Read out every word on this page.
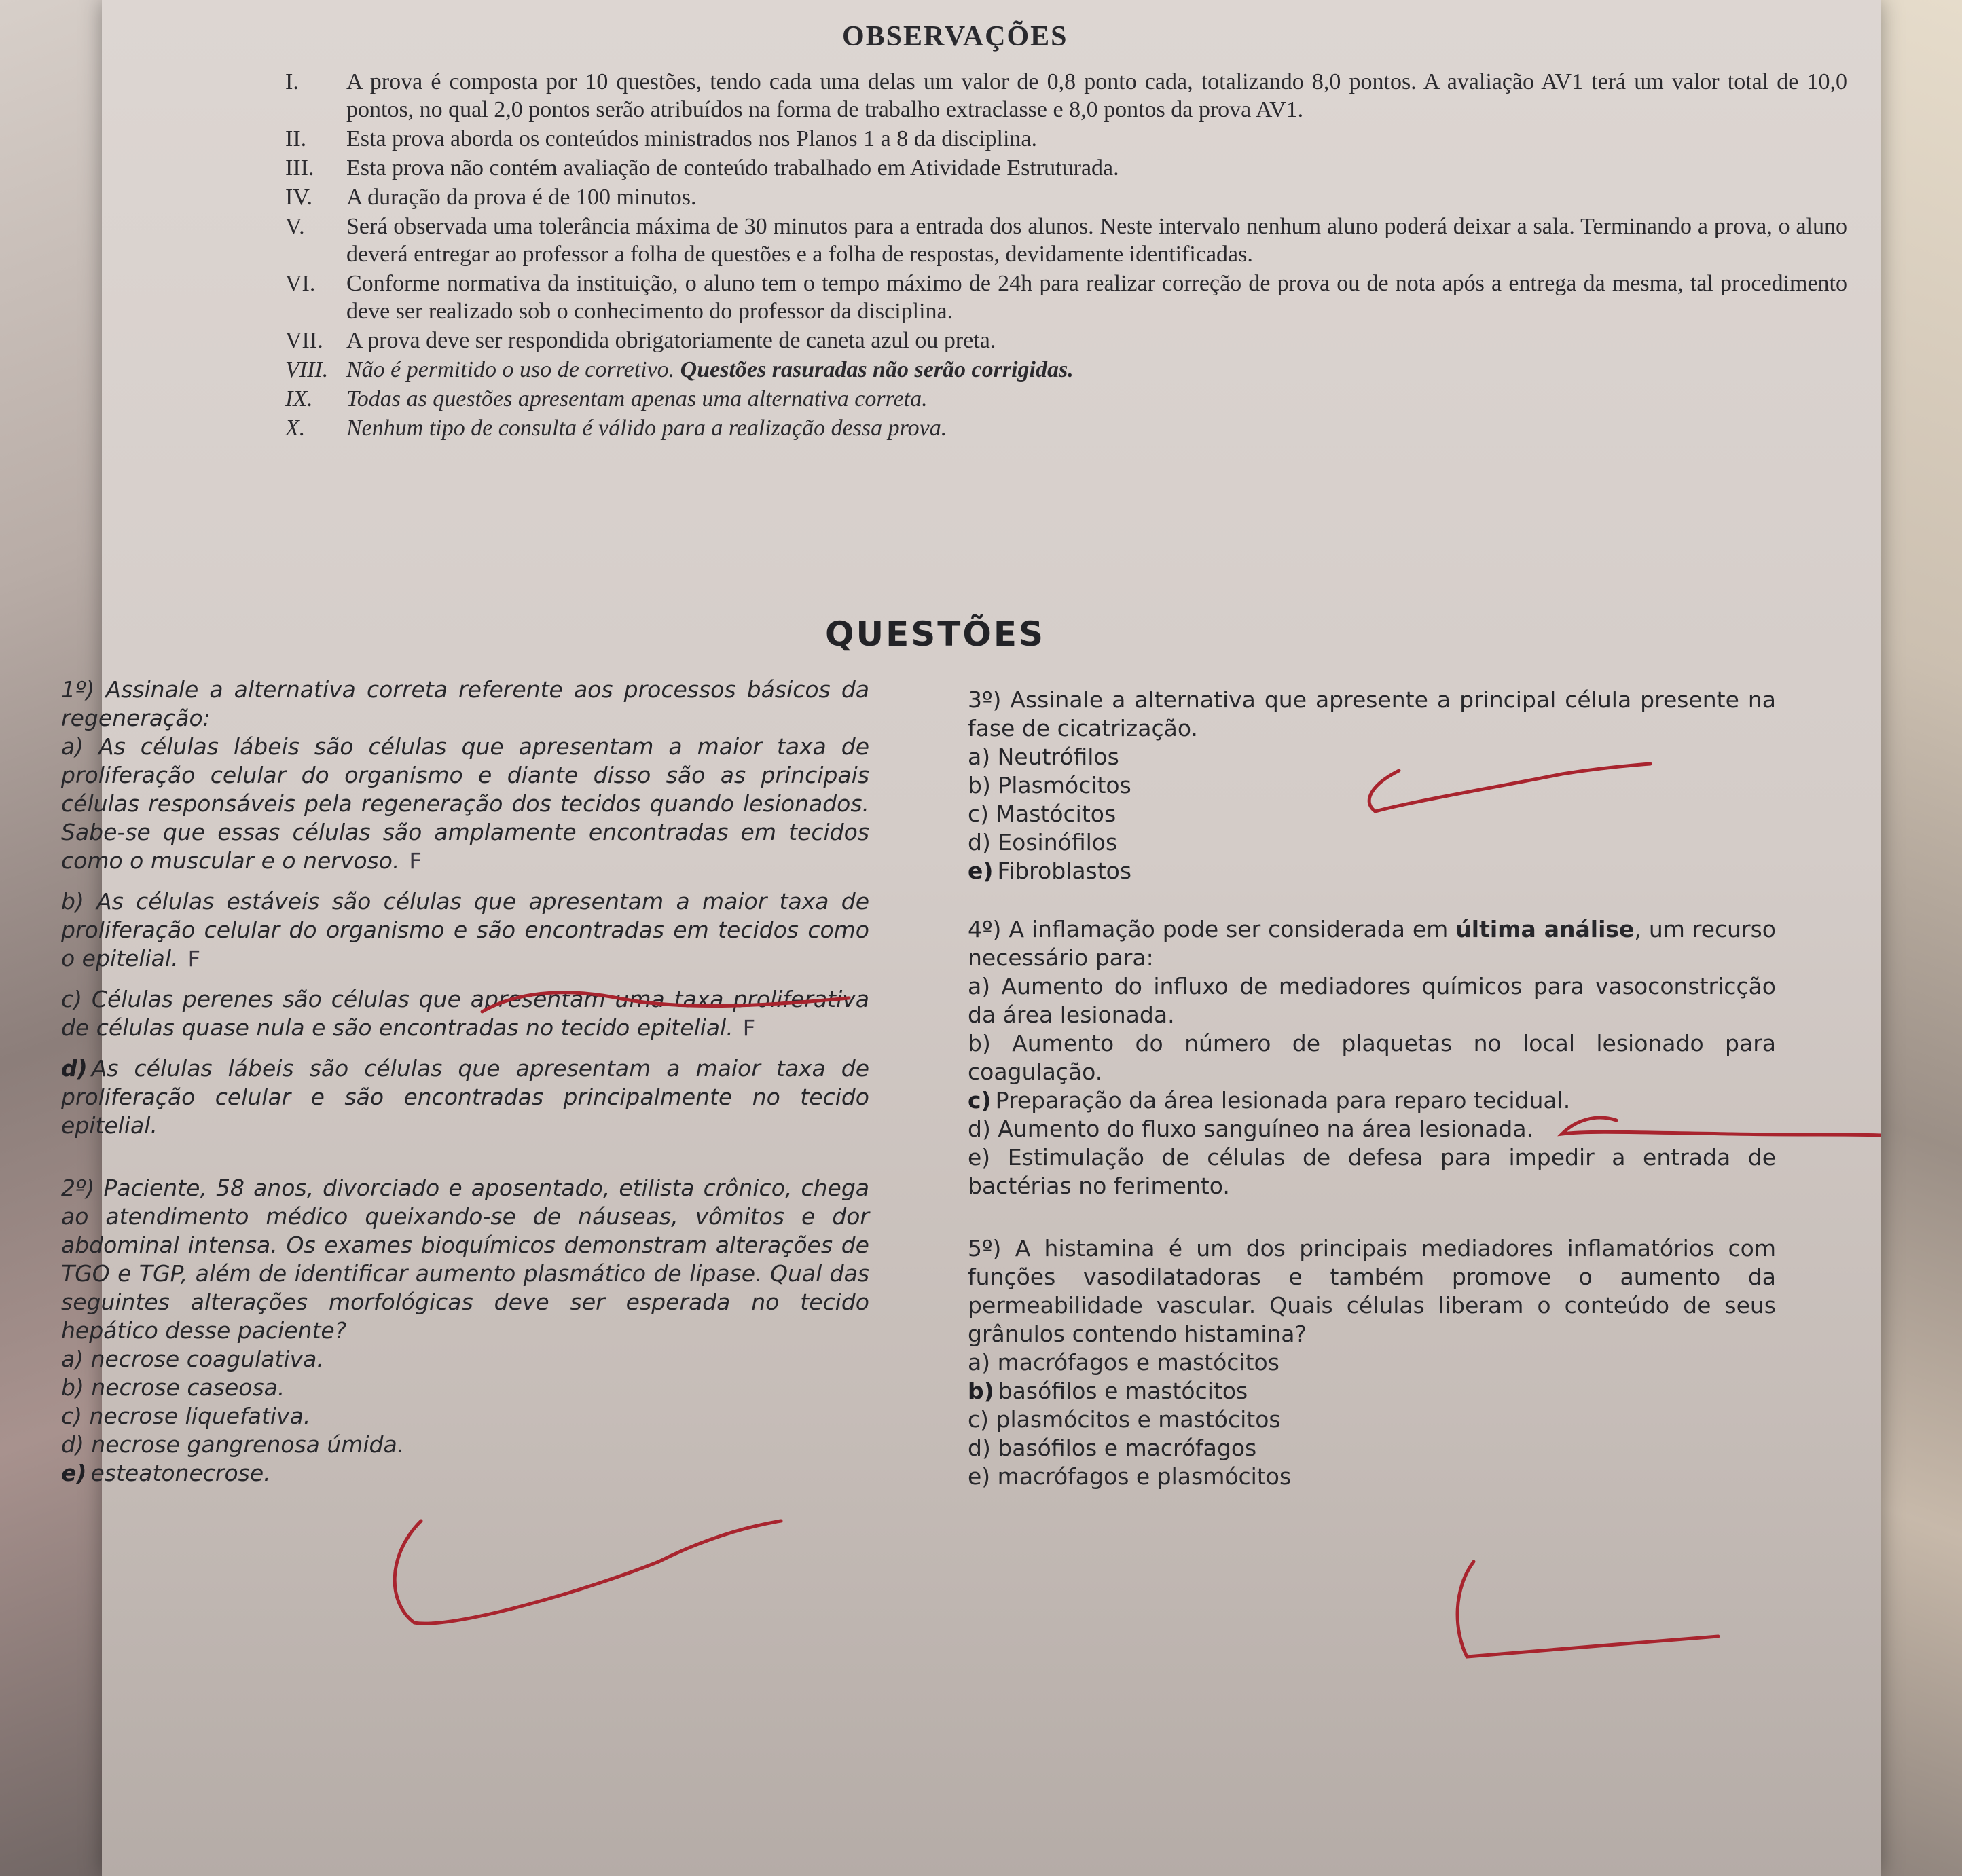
OBSERVAÇÕES
I.	A prova é composta por 10 questões, tendo cada uma delas um valor de 0,8 ponto cada, totalizando 8,0 pontos. A avaliação AV1 terá um valor total de 10,0 pontos, no qual 2,0 pontos serão atribuídos na forma de trabalho extraclasse e 8,0 pontos da prova AV1.
II.	Esta prova aborda os conteúdos ministrados nos Planos 1 a 8 da disciplina.
III.	Esta prova não contém avaliação de conteúdo trabalhado em Atividade Estruturada.
IV.	A duração da prova é de 100 minutos.
V.	Será observada uma tolerância máxima de 30 minutos para a entrada dos alunos. Neste intervalo nenhum aluno poderá deixar a sala. Terminando a prova, o aluno deverá entregar ao professor a folha de questões e a folha de respostas, devidamente identificadas.
VI.	Conforme normativa da instituição, o aluno tem o tempo máximo de 24h para realizar correção de prova ou de nota após a entrega da mesma, tal procedimento deve ser realizado sob o conhecimento do professor da disciplina.
VII.	A prova deve ser respondida obrigatoriamente de caneta azul ou preta.
VIII. Não é permitido o uso de corretivo. Questões rasuradas não serão corrigidas.
IX.	Todas as questões apresentam apenas uma alternativa correta.
X.	Nenhum tipo de consulta é válido para a realização dessa prova.
QUESTÕES
1º) Assinale a alternativa correta referente aos processos básicos da regeneração:
a) As células lábeis são células que apresentam a maior taxa de proliferação celular do organismo e diante disso são as principais células responsáveis pela regeneração dos tecidos quando lesionados. Sabe-se que essas células são amplamente encontradas em tecidos como o muscular e o nervoso. F
b) As células estáveis são células que apresentam a maior taxa de proliferação celular do organismo e são encontradas em tecidos como o epitelial. F
c) Células perenes são células que apresentam uma taxa proliferativa de células quase nula e são encontradas no tecido epitelial. F
d) As células lábeis são células que apresentam a maior taxa de proliferação celular e são encontradas principalmente no tecido epitelial.
2º) Paciente, 58 anos, divorciado e aposentado, etilista crônico, chega ao atendimento médico queixando-se de náuseas, vômitos e dor abdominal intensa. Os exames bioquímicos demonstram alterações de TGO e TGP, além de identificar aumento plasmático de lipase. Qual das seguintes alterações morfológicas deve ser esperada no tecido hepático desse paciente?
a) necrose coagulativa.
b) necrose caseosa.
c) necrose liquefativa.
d) necrose gangrenosa úmida.
e) esteatonecrose.
3º) Assinale a alternativa que apresente a principal célula presente na fase de cicatrização.
a) Neutrófilos
b) Plasmócitos
c) Mastócitos
d) Eosinófilos
e) Fibroblastos
4º) A inflamação pode ser considerada em última análise, um recurso necessário para:
a) Aumento do influxo de mediadores químicos para vasoconstricção da área lesionada.
b) Aumento do número de plaquetas no local lesionado para coagulação.
c) Preparação da área lesionada para reparo tecidual.
d) Aumento do fluxo sanguíneo na área lesionada.
e) Estimulação de células de defesa para impedir a entrada de bactérias no ferimento.
5º) A histamina é um dos principais mediadores inflamatórios com funções vasodilatadoras e também promove o aumento da permeabilidade vascular. Quais células liberam o conteúdo de seus grânulos contendo histamina?
a) macrófagos e mastócitos
b) basófilos e mastócitos
c) plasmócitos e mastócitos
d) basófilos e macrófagos
e) macrófagos e plasmócitos
